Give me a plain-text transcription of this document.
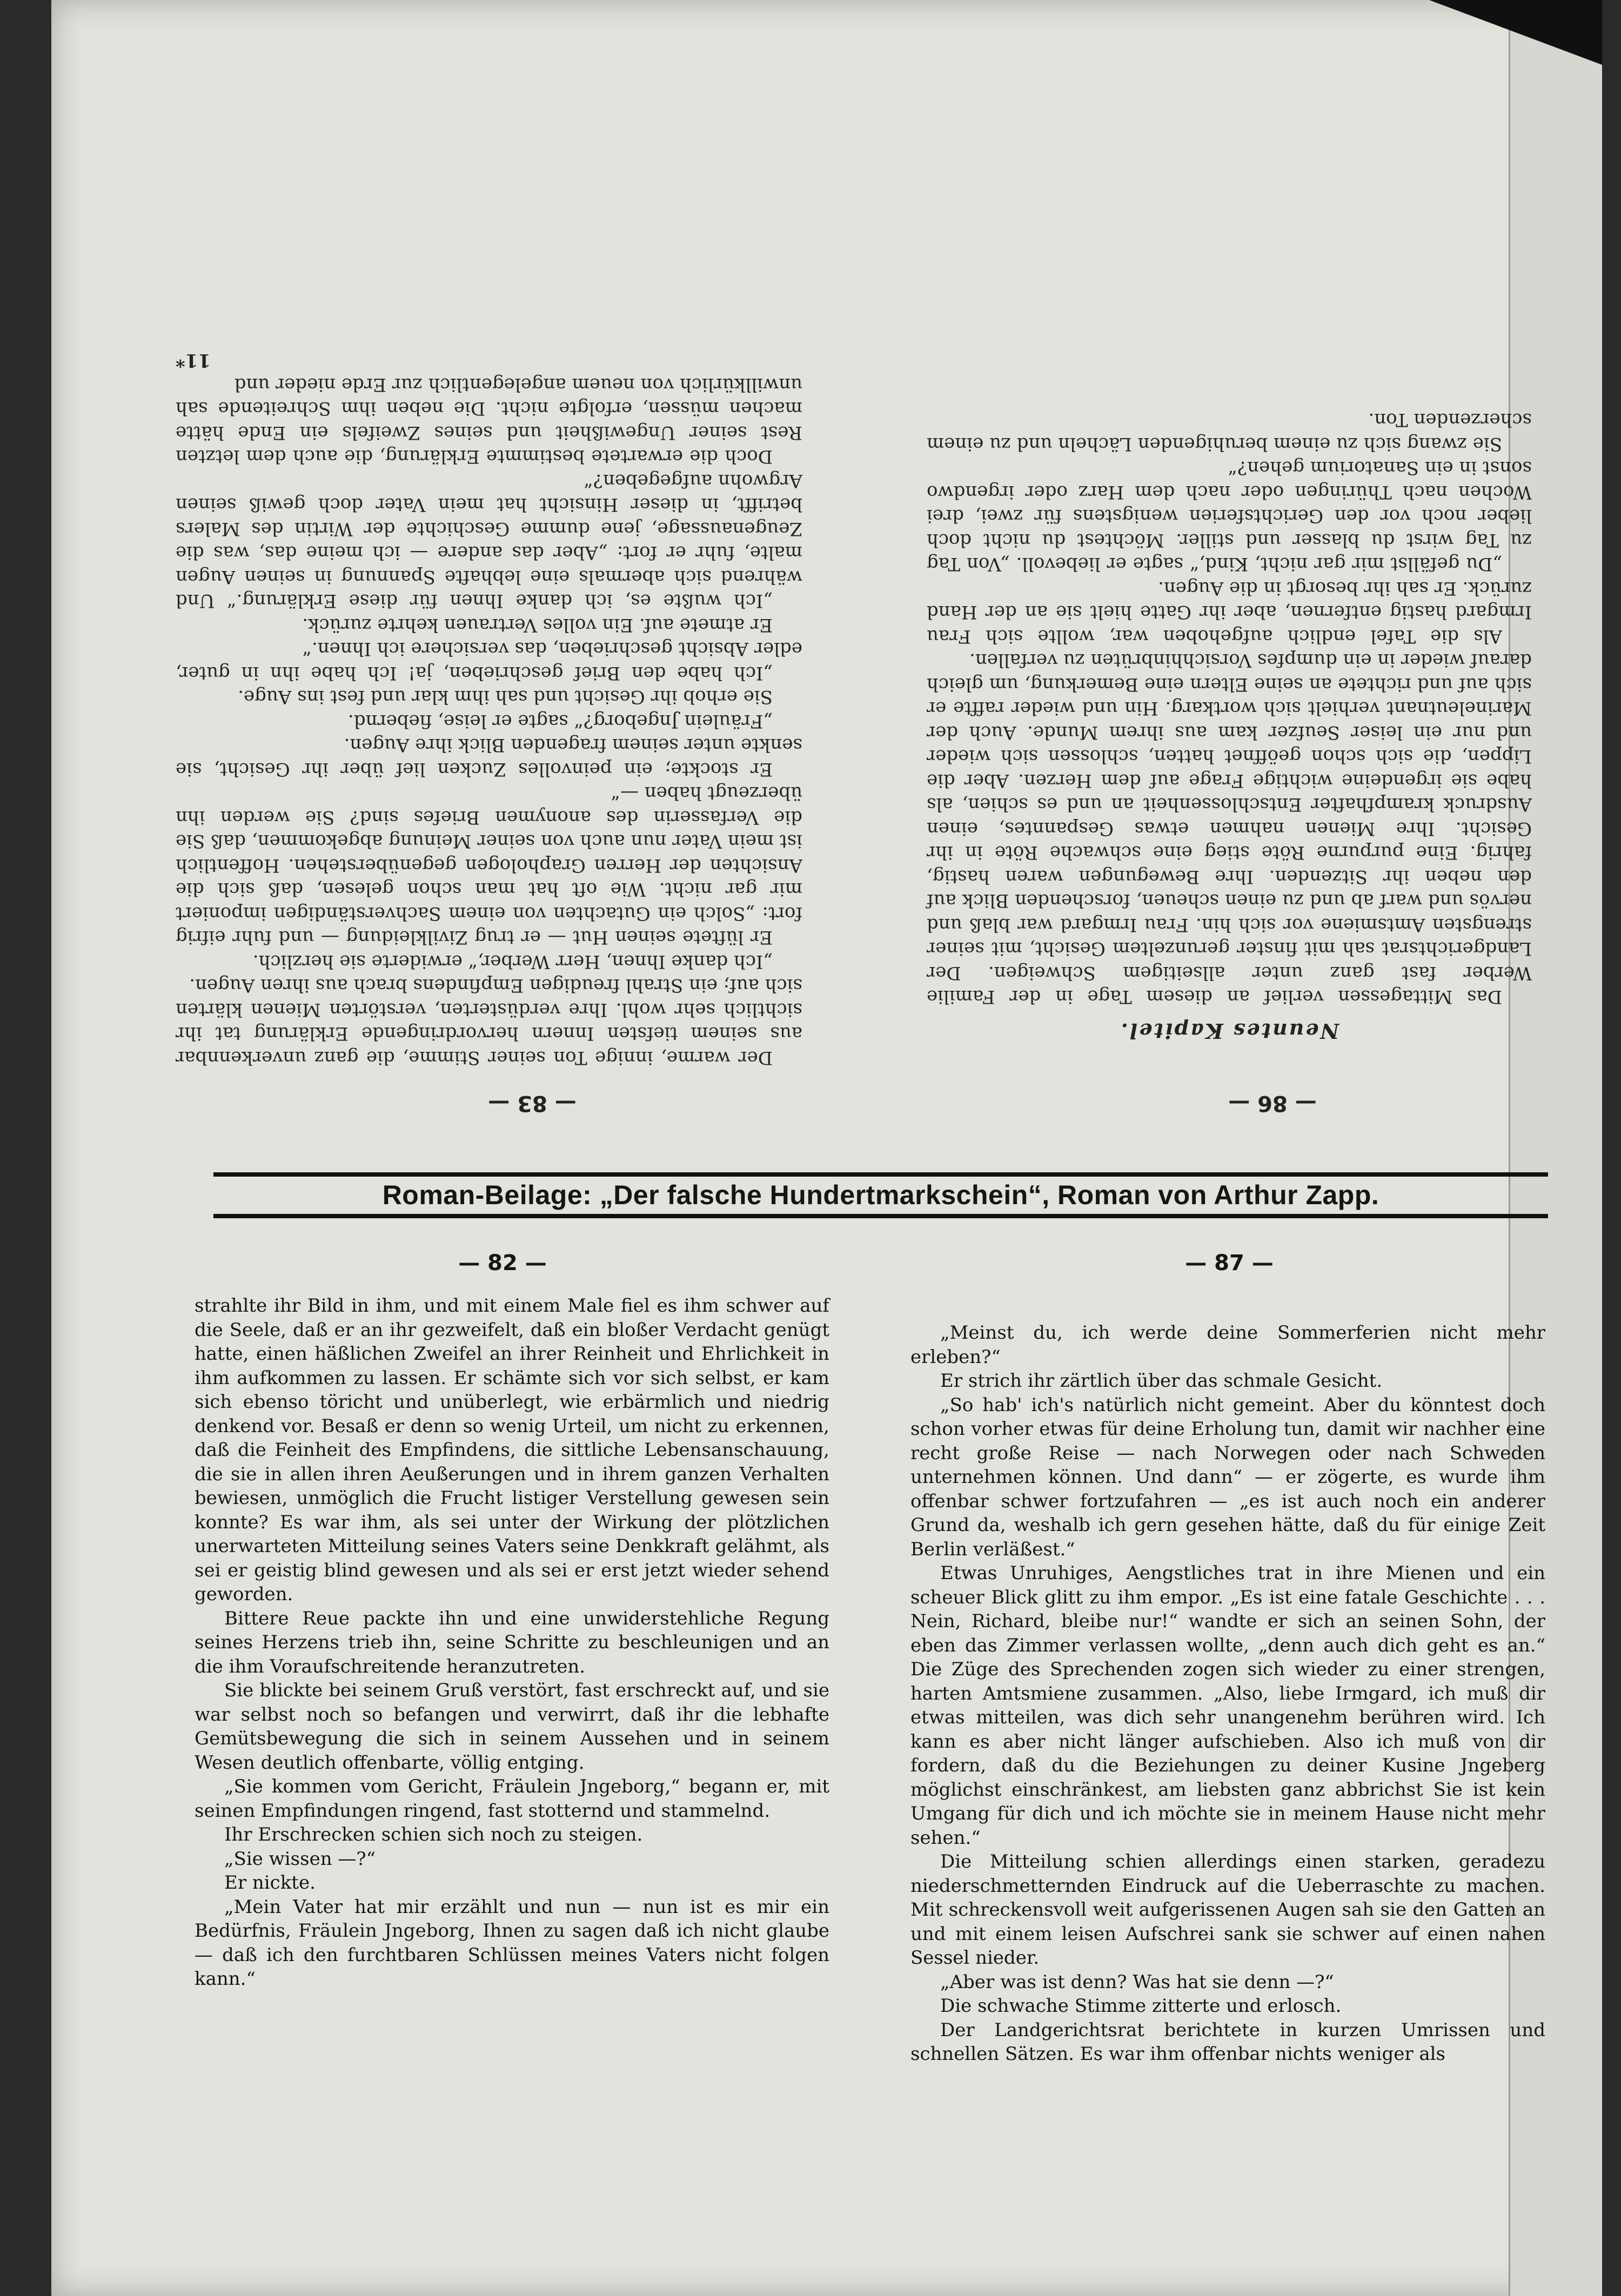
— 86 —
Neuntes Kapitel.

Das Mittagessen verlief an diesem Tage in der Familie Werber fast ganz unter allseitigem Schweigen. Der Landgerichtsrat sah mit finster gerunzeltem Gesicht, mit seiner strengsten Amtsmiene vor sich hin. Frau Irmgard war blaß und nervös und warf ab und zu einen scheuen, forschenden Blick auf den neben ihr Sitzenden. Ihre Bewegungen waren hastig, fahrig. Eine purpurne Röte stieg eine schwache Röte in ihr Gesicht. Ihre Mienen nahmen etwas Gespanntes, einen Ausdruck krampfhafter Entschlossenheit an und es schien, als habe sie irgendeine wichtige Frage auf dem Herzen. Aber die Lippen, die sich schon geöffnet hatten, schlossen sich wieder und nur ein leiser Seufzer kam aus ihrem Munde. Auch der Marineleutnant verhielt sich wortkarg. Hin und wieder raffte er sich auf und richtete an seine Eltern eine Bemerkung, um gleich darauf wieder in ein dumpfes Vorsichhinbrüten zu verfallen.

Als die Tafel endlich aufgehoben war, wollte sich Frau Irmgard hastig entfernen, aber ihr Gatte hielt sie an der Hand zurück. Er sah ihr besorgt in die Augen.

„Du gefällst mir gar nicht, Kind,“ sagte er liebevoll. „Von Tag zu Tag wirst du blasser und stiller. Möchtest du nicht doch lieber noch vor den Gerichtsferien wenigstens für zwei, drei Wochen nach Thüringen oder nach dem Harz oder irgendwo sonst in ein Sanatorium gehen?“

Sie zwang sich zu einem beruhigenden Lächeln und zu einem scherzenden Ton.

— 83 —

Der warme, innige Ton seiner Stimme, die ganz unverkennbar aus seinem tiefsten Innern hervordringende Erklärung tat ihr sichtlich sehr wohl. Ihre verdüsterten, verstörten Mienen klärten sich auf; ein Strahl freudigen Empfindens brach aus ihren Augen.

„Ich danke Ihnen, Herr Werber,“ erwiderte sie herzlich.

Er lüftete seinen Hut — er trug Zivilkleidung — und fuhr eifrig fort: „Solch ein Gutachten von einem Sachverständigen imponiert mir gar nicht. Wie oft hat man schon gelesen, daß sich die Ansichten der Herren Graphologen gegenüberstehen. Hoffentlich ist mein Vater nun auch von seiner Meinung abgekommen, daß Sie die Verfasserin des anonymen Briefes sind? Sie werden ihn überzeugt haben —“

Er stockte; ein peinvolles Zucken lief über ihr Gesicht, sie senkte unter seinem fragenden Blick ihre Augen.

„Fräulein Jngeborg?“ sagte er leise, fiebernd.

Sie erhob ihr Gesicht und sah ihm klar und fest ins Auge.

„Ich habe den Brief geschrieben, ja! Ich habe ihn in guter, edler Absicht geschrieben, das versichere ich Ihnen.“

Er atmete auf. Ein volles Vertrauen kehrte zurück.

„Ich wußte es, ich danke Ihnen für diese Erklärung.“ Und während sich abermals eine lebhafte Spannung in seinen Augen malte, fuhr er fort: „Aber das andere — ich meine das, was die Zeugenaussage, jene dumme Geschichte der Wirtin des Malers betrifft, in dieser Hinsicht hat mein Vater doch gewiß seinen Argwohn aufgegeben?“

Doch die erwartete bestimmte Erklärung, die auch dem letzten Rest seiner Ungewißheit und seines Zweifels ein Ende hätte machen müssen, erfolgte nicht. Die neben ihm Schreitende sah unwillkürlich von neuem angelegentlich zur Erde nieder und

11*
Roman-Beilage: „Der falsche Hundertmarkschein“, Roman von Arthur Zapp.
— 82 —

strahlte ihr Bild in ihm, und mit einem Male fiel es ihm schwer auf die Seele, daß er an ihr gezweifelt, daß ein bloßer Verdacht genügt hatte, einen häßlichen Zweifel an ihrer Reinheit und Ehrlichkeit in ihm aufkommen zu lassen. Er schämte sich vor sich selbst, er kam sich ebenso töricht und unüberlegt, wie erbärmlich und niedrig denkend vor. Besaß er denn so wenig Urteil, um nicht zu erkennen, daß die Feinheit des Empfindens, die sittliche Lebensanschauung, die sie in allen ihren Aeußerungen und in ihrem ganzen Verhalten bewiesen, unmöglich die Frucht listiger Verstellung gewesen sein konnte? Es war ihm, als sei unter der Wirkung der plötzlichen unerwarteten Mitteilung seines Vaters seine Denkkraft gelähmt, als sei er geistig blind gewesen und als sei er erst jetzt wieder sehend geworden.

Bittere Reue packte ihn und eine unwiderstehliche Regung seines Herzens trieb ihn, seine Schritte zu beschleunigen und an die ihm Voraufschreitende heranzutreten.

Sie blickte bei seinem Gruß verstört, fast erschreckt auf, und sie war selbst noch so befangen und verwirrt, daß ihr die lebhafte Gemütsbewegung die sich in seinem Aussehen und in seinem Wesen deutlich offenbarte, völlig entging.

„Sie kommen vom Gericht, Fräulein Jngeborg,“ begann er, mit seinen Empfindungen ringend, fast stotternd und stammelnd.

Ihr Erschrecken schien sich noch zu steigen.

„Sie wissen —?“

Er nickte.

„Mein Vater hat mir erzählt und nun — nun ist es mir ein Bedürfnis, Fräulein Jngeborg, Ihnen zu sagen daß ich nicht glaube — daß ich den furchtbaren Schlüssen meines Vaters nicht folgen kann.“

— 87 —

„Meinst du, ich werde deine Sommerferien nicht mehr erleben?“

Er strich ihr zärtlich über das schmale Gesicht.

„So hab' ich's natürlich nicht gemeint. Aber du könntest doch schon vorher etwas für deine Erholung tun, damit wir nachher eine recht große Reise — nach Norwegen oder nach Schweden unternehmen können. Und dann“ — er zögerte, es wurde ihm offenbar schwer fortzufahren — „es ist auch noch ein anderer Grund da, weshalb ich gern gesehen hätte, daß du für einige Zeit Berlin verläßest.“

Etwas Unruhiges, Aengstliches trat in ihre Mienen und ein scheuer Blick glitt zu ihm empor. „Es ist eine fatale Geschichte . . . Nein, Richard, bleibe nur!“ wandte er sich an seinen Sohn, der eben das Zimmer verlassen wollte, „denn auch dich geht es an.“ Die Züge des Sprechenden zogen sich wieder zu einer strengen, harten Amtsmiene zusammen. „Also, liebe Irmgard, ich muß dir etwas mitteilen, was dich sehr unangenehm berühren wird. Ich kann es aber nicht länger aufschieben. Also ich muß von dir fordern, daß du die Beziehungen zu deiner Kusine Jngeberg möglichst einschränkest, am liebsten ganz abbrichst Sie ist kein Umgang für dich und ich möchte sie in meinem Hause nicht mehr sehen.“

Die Mitteilung schien allerdings einen starken, geradezu niederschmetternden Eindruck auf die Ueberraschte zu machen. Mit schreckensvoll weit aufgerissenen Augen sah sie den Gatten an und mit einem leisen Aufschrei sank sie schwer auf einen nahen Sessel nieder.

„Aber was ist denn? Was hat sie denn —?“

Die schwache Stimme zitterte und erlosch.

Der Landgerichtsrat berichtete in kurzen Umrissen und schnellen Sätzen. Es war ihm offenbar nichts weniger als
